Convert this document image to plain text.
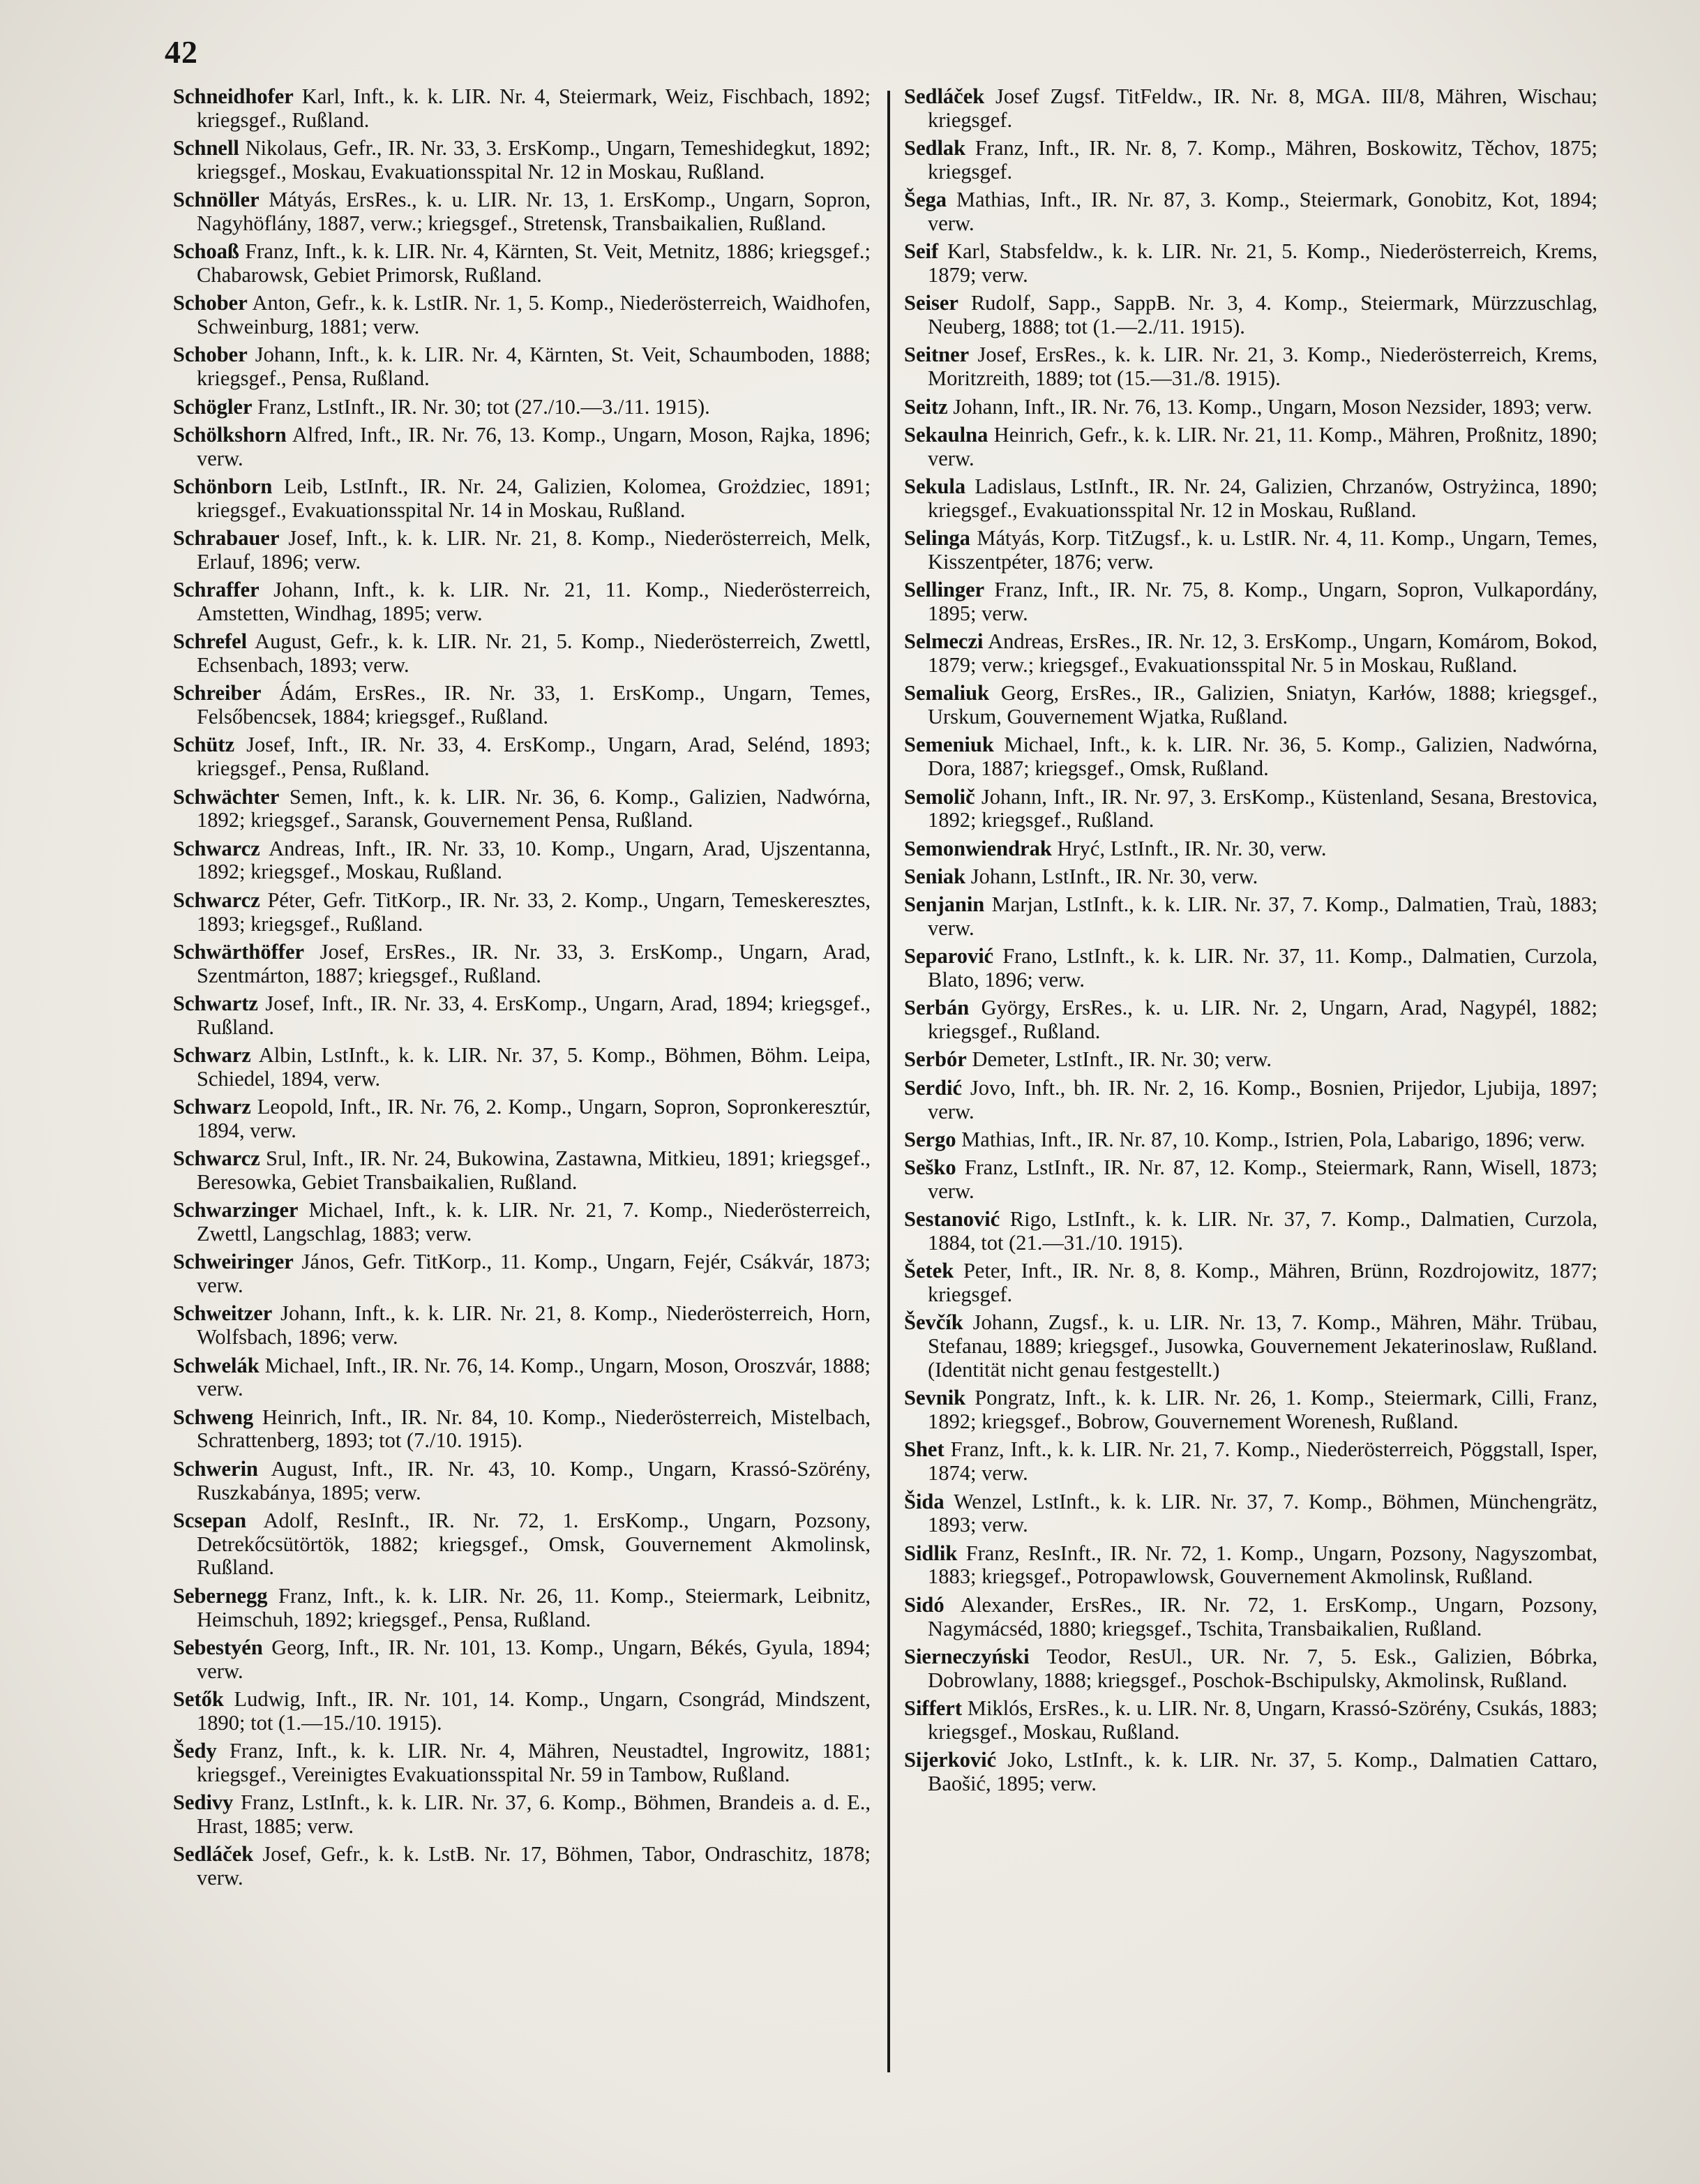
42

Schneidhofer Karl, Inft., k. k. LIR. Nr. 4, Steiermark, Weiz, Fischbach, 1892; kriegsgef., Rußland.

Schnell Nikolaus, Gefr., IR. Nr. 33, 3. ErsKomp., Ungarn, Temeshidegkut, 1892; kriegsgef., Moskau, Evakuationsspital Nr. 12 in Moskau, Rußland.

Schnöller Mátyás, ErsRes., k. u. LIR. Nr. 13, 1. ErsKomp., Ungarn, Sopron, Nagyhöflány, 1887, verw.; kriegsgef., Stretensk, Transbaikalien, Rußland.

Schoaß Franz, Inft., k. k. LIR. Nr. 4, Kärnten, St. Veit, Metnitz, 1886; kriegsgef.; Chabarowsk, Gebiet Primorsk, Rußland.

Schober Anton, Gefr., k. k. LstIR. Nr. 1, 5. Komp., Niederösterreich, Waidhofen, Schweinburg, 1881; verw.

Schober Johann, Inft., k. k. LIR. Nr. 4, Kärnten, St. Veit, Schaumboden, 1888; kriegsgef., Pensa, Rußland.

Schögler Franz, LstInft., IR. Nr. 30; tot (27./10.—3./11. 1915).

Schölkshorn Alfred, Inft., IR. Nr. 76, 13. Komp., Ungarn, Moson, Rajka, 1896; verw.

Schönborn Leib, LstInft., IR. Nr. 24, Galizien, Kolomea, Grożdziec, 1891; kriegsgef., Evakuationsspital Nr. 14 in Moskau, Rußland.

Schrabauer Josef, Inft., k. k. LIR. Nr. 21, 8. Komp., Niederösterreich, Melk, Erlauf, 1896; verw.

Schraffer Johann, Inft., k. k. LIR. Nr. 21, 11. Komp., Niederösterreich, Amstetten, Windhag, 1895; verw.

Schrefel August, Gefr., k. k. LIR. Nr. 21, 5. Komp., Niederösterreich, Zwettl, Echsenbach, 1893; verw.

Schreiber Ádám, ErsRes., IR. Nr. 33, 1. ErsKomp., Ungarn, Temes, Felsőbencsek, 1884; kriegsgef., Rußland.

Schütz Josef, Inft., IR. Nr. 33, 4. ErsKomp., Ungarn, Arad, Selénd, 1893; kriegsgef., Pensa, Rußland.

Schwächter Semen, Inft., k. k. LIR. Nr. 36, 6. Komp., Galizien, Nadwórna, 1892; kriegsgef., Saransk, Gouvernement Pensa, Rußland.

Schwarcz Andreas, Inft., IR. Nr. 33, 10. Komp., Ungarn, Arad, Ujszentanna, 1892; kriegsgef., Moskau, Rußland.

Schwarcz Péter, Gefr. TitKorp., IR. Nr. 33, 2. Komp., Ungarn, Temeskeresztes, 1893; kriegsgef., Rußland.

Schwärthöffer Josef, ErsRes., IR. Nr. 33, 3. ErsKomp., Ungarn, Arad, Szentmárton, 1887; kriegsgef., Rußland.

Schwartz Josef, Inft., IR. Nr. 33, 4. ErsKomp., Ungarn, Arad, 1894; kriegsgef., Rußland.

Schwarz Albin, LstInft., k. k. LIR. Nr. 37, 5. Komp., Böhmen, Böhm. Leipa, Schiedel, 1894, verw.

Schwarz Leopold, Inft., IR. Nr. 76, 2. Komp., Ungarn, Sopron, Sopronkeresztúr, 1894, verw.

Schwarcz Srul, Inft., IR. Nr. 24, Bukowina, Zastawna, Mitkieu, 1891; kriegsgef., Beresowka, Gebiet Transbaikalien, Rußland.

Schwarzinger Michael, Inft., k. k. LIR. Nr. 21, 7. Komp., Niederösterreich, Zwettl, Langschlag, 1883; verw.

Schweiringer János, Gefr. TitKorp., 11. Komp., Ungarn, Fejér, Csákvár, 1873; verw.

Schweitzer Johann, Inft., k. k. LIR. Nr. 21, 8. Komp., Niederösterreich, Horn, Wolfsbach, 1896; verw.

Schwelák Michael, Inft., IR. Nr. 76, 14. Komp., Ungarn, Moson, Oroszvár, 1888; verw.

Schweng Heinrich, Inft., IR. Nr. 84, 10. Komp., Niederösterreich, Mistelbach, Schrattenberg, 1893; tot (7./10. 1915).

Schwerin August, Inft., IR. Nr. 43, 10. Komp., Ungarn, Krassó-Szörény, Ruszkabánya, 1895; verw.

Scsepan Adolf, ResInft., IR. Nr. 72, 1. ErsKomp., Ungarn, Pozsony, Detrekőcsütörtök, 1882; kriegsgef., Omsk, Gouvernement Akmolinsk, Rußland.

Sebernegg Franz, Inft., k. k. LIR. Nr. 26, 11. Komp., Steiermark, Leibnitz, Heimschuh, 1892; kriegsgef., Pensa, Rußland.

Sebestyén Georg, Inft., IR. Nr. 101, 13. Komp., Ungarn, Békés, Gyula, 1894; verw.

Setők Ludwig, Inft., IR. Nr. 101, 14. Komp., Ungarn, Csongrád, Mindszent, 1890; tot (1.—15./10. 1915).

Šedy Franz, Inft., k. k. LIR. Nr. 4, Mähren, Neustadtel, Ingrowitz, 1881; kriegsgef., Vereinigtes Evakuationsspital Nr. 59 in Tambow, Rußland.

Sedivy Franz, LstInft., k. k. LIR. Nr. 37, 6. Komp., Böhmen, Brandeis a. d. E., Hrast, 1885; verw.

Sedláček Josef, Gefr., k. k. LstB. Nr. 17, Böhmen, Tabor, Ondraschitz, 1878; verw.

Sedláček Josef Zugsf. TitFeldw., IR. Nr. 8, MGA. III/8, Mähren, Wischau; kriegsgef.

Sedlak Franz, Inft., IR. Nr. 8, 7. Komp., Mähren, Boskowitz, Těchov, 1875; kriegsgef.

Šega Mathias, Inft., IR. Nr. 87, 3. Komp., Steiermark, Gonobitz, Kot, 1894; verw.

Seif Karl, Stabsfeldw., k. k. LIR. Nr. 21, 5. Komp., Niederösterreich, Krems, 1879; verw.

Seiser Rudolf, Sapp., SappB. Nr. 3, 4. Komp., Steiermark, Mürzzuschlag, Neuberg, 1888; tot (1.—2./11. 1915).

Seitner Josef, ErsRes., k. k. LIR. Nr. 21, 3. Komp., Niederösterreich, Krems, Moritzreith, 1889; tot (15.—31./8. 1915).

Seitz Johann, Inft., IR. Nr. 76, 13. Komp., Ungarn, Moson Nezsider, 1893; verw.

Sekaulna Heinrich, Gefr., k. k. LIR. Nr. 21, 11. Komp., Mähren, Proßnitz, 1890; verw.

Sekula Ladislaus, LstInft., IR. Nr. 24, Galizien, Chrzanów, Ostryżinca, 1890; kriegsgef., Evakuationsspital Nr. 12 in Moskau, Rußland.

Selinga Mátyás, Korp. TitZugsf., k. u. LstIR. Nr. 4, 11. Komp., Ungarn, Temes, Kisszentpéter, 1876; verw.

Sellinger Franz, Inft., IR. Nr. 75, 8. Komp., Ungarn, Sopron, Vulkapordány, 1895; verw.

Selmeczi Andreas, ErsRes., IR. Nr. 12, 3. ErsKomp., Ungarn, Komárom, Bokod, 1879; verw.; kriegsgef., Evakuationsspital Nr. 5 in Moskau, Rußland.

Semaliuk Georg, ErsRes., IR., Galizien, Sniatyn, Karłów, 1888; kriegsgef., Urskum, Gouvernement Wjatka, Rußland.

Semeniuk Michael, Inft., k. k. LIR. Nr. 36, 5. Komp., Galizien, Nadwórna, Dora, 1887; kriegsgef., Omsk, Rußland.

Semolič Johann, Inft., IR. Nr. 97, 3. ErsKomp., Küstenland, Sesana, Brestovica, 1892; kriegsgef., Rußland.

Semonwiendrak Hryć, LstInft., IR. Nr. 30, verw.

Seniak Johann, LstInft., IR. Nr. 30, verw.

Senjanin Marjan, LstInft., k. k. LIR. Nr. 37, 7. Komp., Dalmatien, Traù, 1883; verw.

Separović Frano, LstInft., k. k. LIR. Nr. 37, 11. Komp., Dalmatien, Curzola, Blato, 1896; verw.

Serbán György, ErsRes., k. u. LIR. Nr. 2, Ungarn, Arad, Nagypél, 1882; kriegsgef., Rußland.

Serbór Demeter, LstInft., IR. Nr. 30; verw.

Serdić Jovo, Inft., bh. IR. Nr. 2, 16. Komp., Bosnien, Prijedor, Ljubija, 1897; verw.

Sergo Mathias, Inft., IR. Nr. 87, 10. Komp., Istrien, Pola, Labarigo, 1896; verw.

Seško Franz, LstInft., IR. Nr. 87, 12. Komp., Steiermark, Rann, Wisell, 1873; verw.

Sestanović Rigo, LstInft., k. k. LIR. Nr. 37, 7. Komp., Dalmatien, Curzola, 1884, tot (21.—31./10. 1915).

Šetek Peter, Inft., IR. Nr. 8, 8. Komp., Mähren, Brünn, Rozdrojowitz, 1877; kriegsgef.

Ševčík Johann, Zugsf., k. u. LIR. Nr. 13, 7. Komp., Mähren, Mähr. Trübau, Stefanau, 1889; kriegsgef., Jusowka, Gouvernement Jekaterinoslaw, Rußland. (Identität nicht genau festgestellt.)

Sevnik Pongratz, Inft., k. k. LIR. Nr. 26, 1. Komp., Steiermark, Cilli, Franz, 1892; kriegsgef., Bobrow, Gouvernement Worenesh, Rußland.

Shet Franz, Inft., k. k. LIR. Nr. 21, 7. Komp., Niederösterreich, Pöggstall, Isper, 1874; verw.

Šida Wenzel, LstInft., k. k. LIR. Nr. 37, 7. Komp., Böhmen, Münchengrätz, 1893; verw.

Sidlik Franz, ResInft., IR. Nr. 72, 1. Komp., Ungarn, Pozsony, Nagyszombat, 1883; kriegsgef., Potropawlowsk, Gouvernement Akmolinsk, Rußland.

Sidó Alexander, ErsRes., IR. Nr. 72, 1. ErsKomp., Ungarn, Pozsony, Nagymácséd, 1880; kriegsgef., Tschita, Transbaikalien, Rußland.

Sierneczyński Teodor, ResUl., UR. Nr. 7, 5. Esk., Galizien, Bóbrka, Dobrowlany, 1888; kriegsgef., Poschok-Bschipulsky, Akmolinsk, Rußland.

Siffert Miklós, ErsRes., k. u. LIR. Nr. 8, Ungarn, Krassó-Szörény, Csukás, 1883; kriegsgef., Moskau, Rußland.

Sijerković Joko, LstInft., k. k. LIR. Nr. 37, 5. Komp., Dalmatien Cattaro, Baošić, 1895; verw.
